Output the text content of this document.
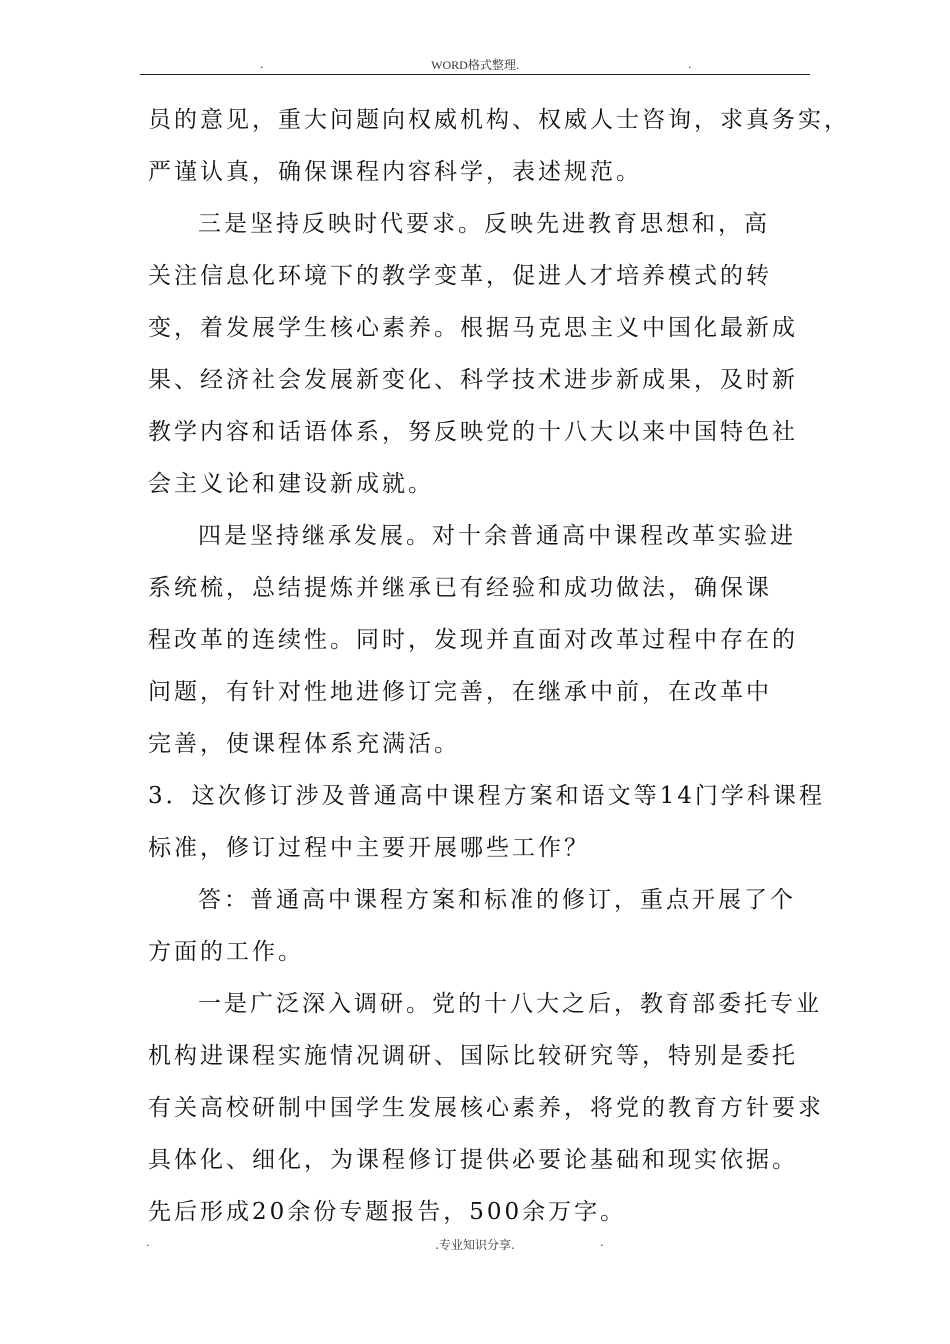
.	WORD格式整理.	.
员的意见，重大问题向权威机构、权威人士咨询，求真务实，
严谨认真，确保课程内容科学，表述规范。
三是坚持反映时代要求。反映先进教育思想和，高
关注信息化环境下的教学变革，促进人才培养模式的转
变，着发展学生核心素养。根据马克思主义中国化最新成
果、经济社会发展新变化、科学技术进步新成果，及时新
教学内容和话语体系，努反映党的十八大以来中国特色社
会主义论和建设新成就。
四是坚持继承发展。对十余普通高中课程改革实验进
系统梳，总结提炼并继承已有经验和成功做法，确保课
程改革的连续性。同时，发现并直面对改革过程中存在的
问题，有针对性地进修订完善，在继承中前，在改革中
完善，使课程体系充满活。
3．这次修订涉及普通高中课程方案和语文等14门学科课程
标准，修订过程中主要开展哪些工作？
答：普通高中课程方案和标准的修订，重点开展了个
方面的工作。
一是广泛深入调研。党的十八大之后，教育部委托专业
机构进课程实施情况调研、国际比较研究等，特别是委托
有关高校研制中国学生发展核心素养，将党的教育方针要求
具体化、细化，为课程修订提供必要论基础和现实依据。
先后形成20余份专题报告，500余万字。
.	.专业知识分享.	.
